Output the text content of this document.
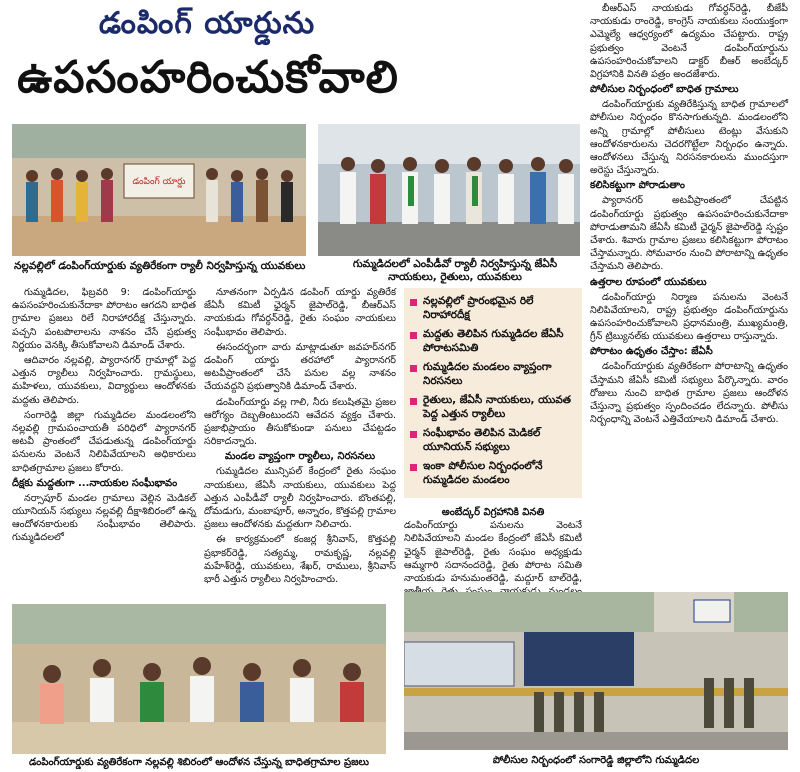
డంపింగ్ యార్డును
ఉపసంహరించుకోవాలి
డంపింగ్ యార్డు
నల్లవల్లిలో డంపింగ్‌యార్డుకు వ్యతిరేకంగా ర్యాలీ నిర్వహిస్తున్న యువకులు	గుమ్మడిదలలో ఎంపీడీవో ర్యాలీ నిర్వహిస్తున్న జేఏసీ నాయకులు, రైతులు, యువకులు

గుమ్మడిదల, ఫిబ్రవరి 9: డంపింగ్‌యార్డు ఉపసంహరించుకునేదాకా పోరాటం ఆగదని బాధిత గ్రామాల ప్రజలు రిలే నిరాహారదీక్ష చేస్తున్నారు. పచ్చని పంటపొలాలను నాశనం చేసే ప్రభుత్వ నిర్ణయం వెనక్కి తీసుకోవాలని డిమాండ్ చేశారు.

ఆదివారం నల్లవల్లి, ప్యారానగర్ గ్రామాల్లో పెద్ద ఎత్తున ర్యాలీలు నిర్వహించారు. గ్రామస్థులు, మహిళలు, యువకులు, విద్యార్థులు ఆందోళనకు మద్దతు తెలిపారు.

సంగారెడ్డి జిల్లా గుమ్మడిదల మండలంలోని నల్లవల్లి గ్రామపంచాయతీ పరిధిలో ప్యారానగర్ అటవీ ప్రాంతంలో చేపడుతున్న డంపింగ్‌యార్డు పనులను వెంటనే నిలిపివేయాలని అధికారులు బాధితగ్రామాల ప్రజలు కోరారు.

దీక్షకు మద్దతుగా ...నాయకుల సంఘీభావం

నర్సాపూర్ మండల గ్రామాలు వెల్లిన మెడికల్ యూనియన్ సభ్యులు నల్లవల్లి దీక్షాశిబిరంలో ఉన్న ఆందోళనకారులకు సంఘీభావం తెలిపారు. గుమ్మడిదలలో

నూతనంగా ఏర్పడిన డంపింగ్ యార్డు వ్యతిరేక జేఏసీ కమిటీ ఛైర్మన్ జైపాల్‌రెడ్డి, బీఆర్ఎస్ నాయకుడు గోవర్ధన్‌రెడ్డి, రైతు సంఘం నాయకులు సంఘీభావం తెలిపారు.

ఈసందర్భంగా వారు మాట్లాడుతూ జవహర్‌నగర్ డంపింగ్ యార్డు తరహాలో ప్యారానగర్ అటవీప్రాంతంలో చేసే పనుల వల్ల నాశనం చేయవద్దని ప్రభుత్వానికి డిమాండ్ చేశారు.

డంపింగ్‌యార్డు వల్ల గాలి, నీరు కలుషితమై ప్రజల ఆరోగ్యం దెబ్బతింటుందని ఆవేదన వ్యక్తం చేశారు. ప్రజాభిప్రాయం తీసుకోకుండా పనులు చేపట్టడం సరికాదన్నారు.

మండల వ్యాప్తంగా ర్యాలీలు, నిరసనలు

గుమ్మడిదల మున్సిపల్ కేంద్రంలో రైతు సంఘం నాయకులు, జేఏసీ నాయకులు, యువకులు పెద్ద ఎత్తున ఎంపీడీవో ర్యాలీ నిర్వహించారు. బొంతపల్లి, దోమడుగు, మంబాపూర్, అన్నారం, కొత్తపల్లి గ్రామాల ప్రజలు ఆందోళనకు మద్దతుగా నిలిచారు.

ఈ కార్యక్రమంలో కంజర్ల శ్రీనివాస్, కొత్తపల్లి ప్రభాకర్‌రెడ్డి, సత్యమ్మ, రామకృష్ణ, నల్లవల్లి మహేశ్‌రెడ్డి, యువకులు, శేఖర్, రాములు, శ్రీనివాస్ భారీ ఎత్తున ర్యాలీలు నిర్వహించారు.

నల్లవల్లిలో ప్రారంభమైన రిలే నిరాహారదీక్ష
మద్దతు తెలిపిన గుమ్మడిదల జేఏసీ పోరాటసమితి
గుమ్మడిదల మండలం వ్యాప్తంగా నిరసనలు
రైతులు, జేఏసీ నాయకులు, యువత పెద్ద ఎత్తున ర్యాలీలు
సంఘీభావం తెలిపిన మెడికల్ యూనియన్ సభ్యులు
ఇంకా పోలీసుల నిర్బంధంలోనే గుమ్మడిదల మండలం
అంబేద్కర్ విగ్రహానికి వినతి

డంపింగ్‌యార్డు పనులను వెంటనే నిలిపివేయాలని మండల కేంద్రంలో జేఏసీ కమిటీ ఛైర్మన్ జైపాల్‌రెడ్డి, రైతు సంఘం అధ్యక్షుడు ఆమ్మగారి సదానందరెడ్డి, రైతు పోరాట సమితి నాయకుడు హనుమంతరెడ్డి, మద్దూర్ బాల్‌రెడ్డి,

బీఆర్ఎస్ నాయకుడు గోవర్ధన్‌రెడ్డి, బీజేపీ నాయకుడు రాంరెడ్డి, కాంగ్రెస్ నాయకులు సంయుక్తంగా ఎమ్మెల్యే ఆధ్వర్యంలో ఉద్యమం చేపట్టారు. రాష్ట్ర ప్రభుత్వం వెంటనే డంపింగ్‌యార్డును ఉపసంహరించుకోవాలని డాక్టర్ బీఆర్ అంబేద్కర్ విగ్రహానికి వినతి పత్రం అందజేశారు.

పోలీసుల నిర్బంధంలో బాధిత గ్రామాలు

డంపింగ్‌యార్డుకు వ్యతిరేకిస్తున్న బాధిత గ్రామాలలో పోలీసుల నిర్బంధం కొనసాగుతున్నది. మండలంలోని అన్ని గ్రామాల్లో పోలీసులు టెంట్లు వేసుకుని ఆందోళనకారులను చెదరగొట్టేలా నిర్బంధం ఉన్నారు. ఆందోళనలు చేస్తున్న నిరసనకారులను ముందస్తుగా అరెస్టు చేస్తున్నారు.

కలిసికట్టుగా పోరాడుతాం

ప్యారానగర్ అటవీప్రాంతంలో చేపట్టిన డంపింగ్‌యార్డు ప్రభుత్వం ఉపసంహరించుకునేదాకా పోరాడుతామని జేఏసీ కమిటీ ఛైర్మన్ జైపాల్‌రెడ్డి స్పష్టం చేశారు. శివారు గ్రామాల ప్రజలు కలిసికట్టుగా పోరాటం చేస్తామన్నారు. సోమవారం నుంచి పోరాటాన్ని ఉధృతం చేస్తామని తెలిపారు.

ఉత్తరాల రూపంలో యువకులు

డంపింగ్‌యార్డు నిర్మాణ పనులను వెంటనే నిలిపివేయాలని, రాష్ట్ర ప్రభుత్వం డంపింగ్‌యార్డును ఉపసంహరించుకోవాలని ప్రధానమంత్రి, ముఖ్యమంత్రి, గ్రీన్ ట్రిబ్యునల్‌కు యువకులు ఉత్తరాలు రాస్తున్నారు.

పోరాటం ఉధృతం చేస్తాం: జేఏసీ

డంపింగ్‌యార్డుకు వ్యతిరేకంగా పోరాటాన్ని ఉధృతం చేస్తామని జేఏసీ కమిటీ సభ్యులు పేర్కొన్నారు. వారం రోజులు నుంచి బాధిత గ్రామాల ప్రజలు ఆందోళన చేస్తున్నా ప్రభుత్వం స్పందించడం లేదన్నారు. పోలీసు నిర్బంధాన్ని వెంటనే ఎత్తివేయాలని డిమాండ్ చేశారు.

డంపింగ్‌యార్డుకు వ్యతిరేకంగా నల్లవల్లి శిబిరంలో ఆందోళన చేస్తున్న బాధితగ్రామాల ప్రజలు	పోలీసుల నిర్బంధంలో సంగారెడ్డి జిల్లాలోని గుమ్మడిదల
